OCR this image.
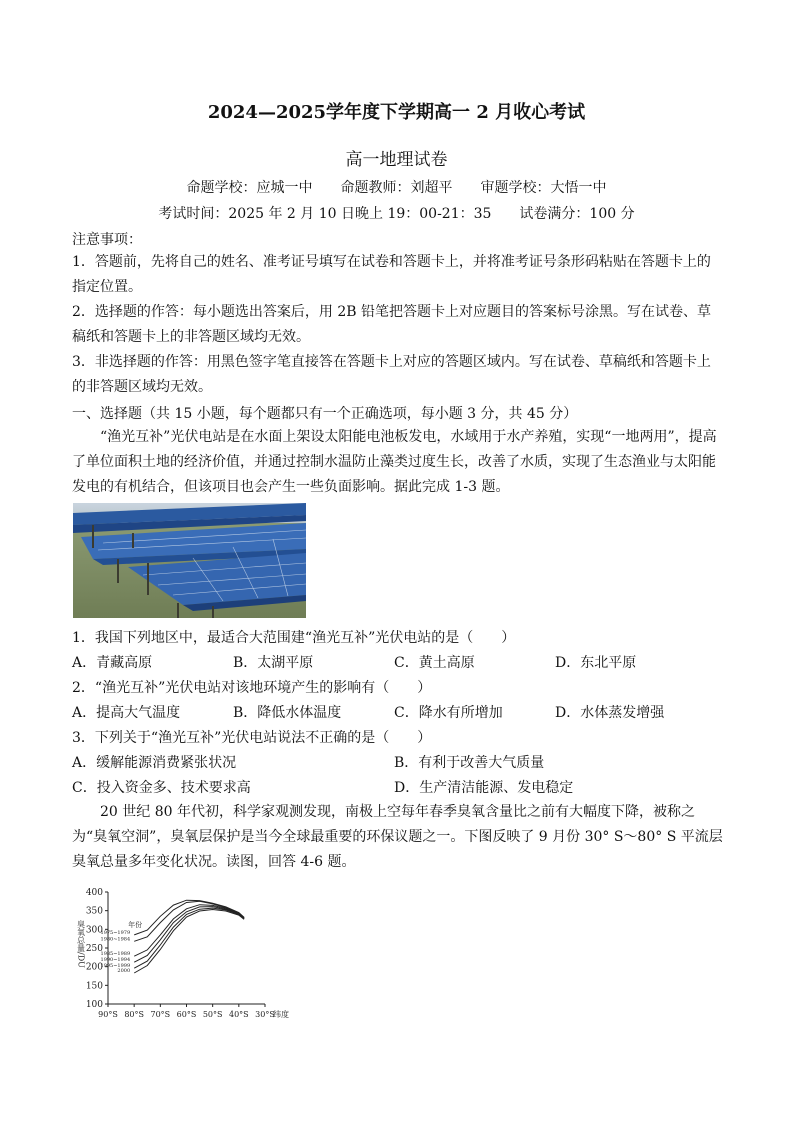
2024—2025学年度下学期高一 2 月收心考试
高一地理试卷
命题学校：应城一中　　命题教师：刘超平　　审题学校：大悟一中
考试时间：2025 年 2 月 10 日晚上 19：00-21：35　　试卷满分：100 分
注意事项：
1．答题前，先将自己的姓名、准考证号填写在试卷和答题卡上，并将准考证号条形码粘贴在答题卡上的指定位置。
2．选择题的作答：每小题选出答案后，用 2B 铅笔把答题卡上对应题目的答案标号涂黑。写在试卷、草稿纸和答题卡上的非答题区域均无效。
3．非选择题的作答：用黑色签字笔直接答在答题卡上对应的答题区域内。写在试卷、草稿纸和答题卡上的非答题区域均无效。
一、选择题（共 15 小题，每个题都只有一个正确选项，每小题 3 分，共 45 分）
“渔光互补”光伏电站是在水面上架设太阳能电池板发电，水域用于水产养殖，实现“一地两用”，提高了单位面积土地的经济价值，并通过控制水温防止藻类过度生长，改善了水质，实现了生态渔业与太阳能发电的有机结合，但该项目也会产生一些负面影响。据此完成 1-3 题。
1．我国下列地区中，最适合大范围建“渔光互补”光伏电站的是（　　）
A．青藏高原	B．太湖平原	C．黄土高原	D．东北平原
2．“渔光互补”光伏电站对该地环境产生的影响有（　　）
A．提高大气温度	B．降低水体温度	C．降水有所增加	D．水体蒸发增强
3．下列关于“渔光互补”光伏电站说法不正确的是（　　）
A．缓解能源消费紧张状况	B．有利于改善大气质量
C．投入资金多、技术要求高	D．生产清洁能源、发电稳定
20 世纪 80 年代初，科学家观测发现，南极上空每年春季臭氧含量比之前有大幅度下降，被称之为“臭氧空洞”，臭氧层保护是当今全球最重要的环保议题之一。下图反映了 9 月份 30° S～80° S 平流层臭氧总量多年变化状况。读图，回答 4-6 题。
100
150
200
250
300
350
400
90°S 80°S 70°S 60°S 50°S 40°S 30°S
纬度
臭氧总量/DU	年份
1975~1979
1980~1984
1985~1989
1990~1994
1995~1999
2000
